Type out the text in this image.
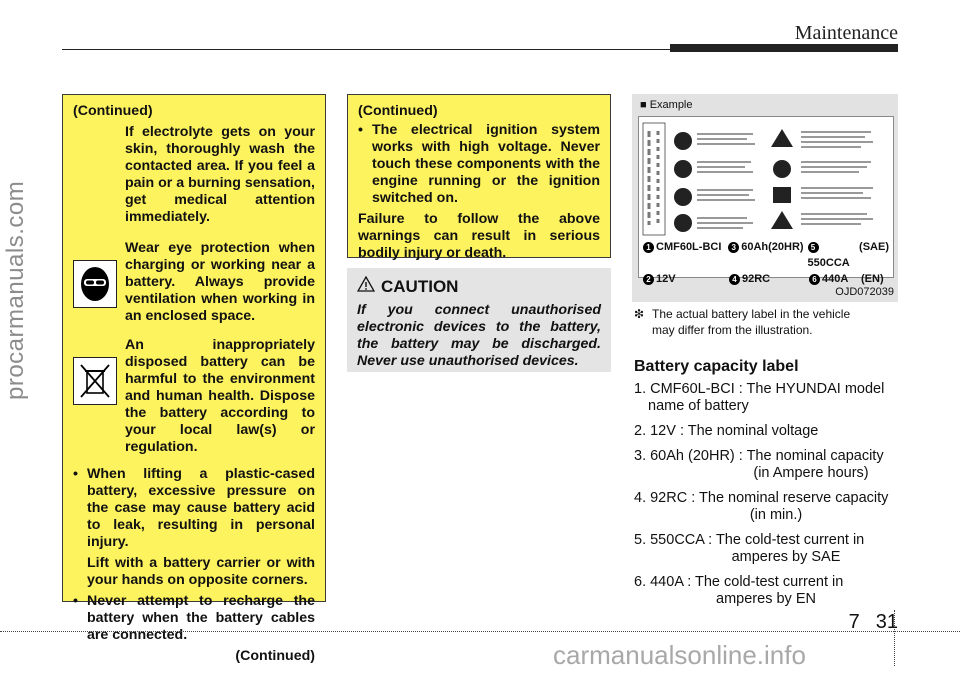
Maintenance
procarmanuals.com

(Continued)

If electrolyte gets on your skin, thoroughly wash the contacted area. If you feel a pain or a burning sensation, get medical attention immediately.

Wear eye protection when charging or working near a battery. Always provide ventilation when working in an enclosed space.
An inappropriately disposed battery can be harmful to the environment and human health. Dispose the battery according to your local law(s) or regulation.
• When lifting a plastic-cased battery, excessive pressure on the case may cause battery acid to leak, resulting in personal injury.

Lift with a battery carrier or with your hands on opposite corners.

• Never attempt to recharge the battery when the battery cables are connected.

(Continued)

(Continued)

• The electrical ignition system works with high voltage. Never touch these components with the engine running or the ignition switched on.

Failure to follow the above warnings can result in serious bodily injury or death.

CAUTION
If you connect unauthorised electronic devices to the battery, the battery may be discharged. Never use unauthorised devices.
■ Example
1 CMF60L-BCI	3 60Ah(20HR) 5550CCA
(SAE)
2 12V	4 92RC	6 440A	(EN)
OJD072039
❇ The actual battery label in the vehicle
may differ from the illustration.
Battery capacity label
1. CMF60L-BCI : The HYUNDAI model
name of battery
2. 12V : The nominal voltage
3. 60Ah (20HR) : The nominal capacity
(in Ampere hours)
4. 92RC : The nominal reserve capacity
(in min.)
5. 550CCA : The cold-test current in
amperes by SAE
6. 440A : The cold-test current in
amperes by EN
7 31
carmanualsonline.info
